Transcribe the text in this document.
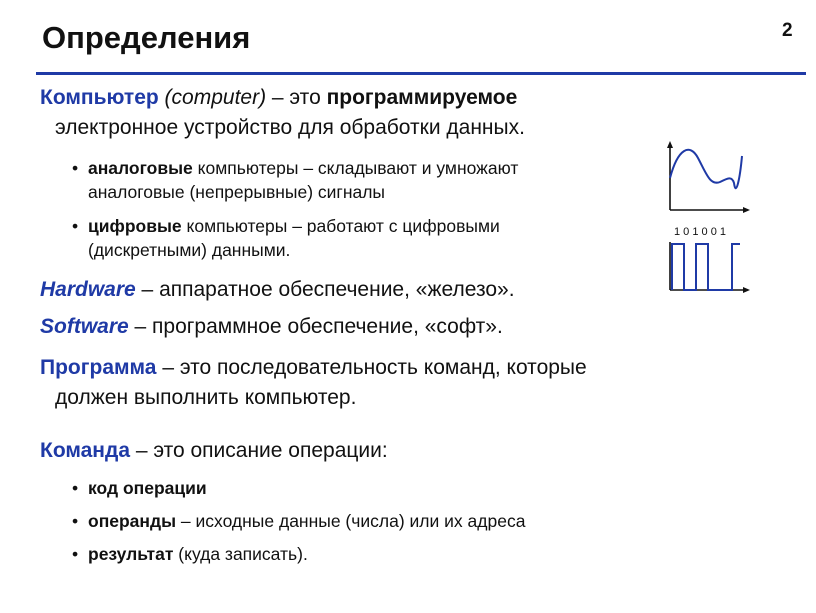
Определения	2
Компьютер (computer) – это программируемое
электронное устройство для обработки данных.
• аналоговые компьютеры – складывают и умножают
аналоговые (непрерывные) сигналы
• цифровые компьютеры – работают с цифровыми
(дискретными) данными.
1 0 1 0 0 1
Hardware – аппаратное обеспечение, «железо».
Software – программное обеспечение, «софт».
Программа – это последовательность команд, которые
должен выполнить компьютер.
Команда – это описание операции:
• код операции
• операнды – исходные данные (числа) или их адреса
• результат (куда записать).
